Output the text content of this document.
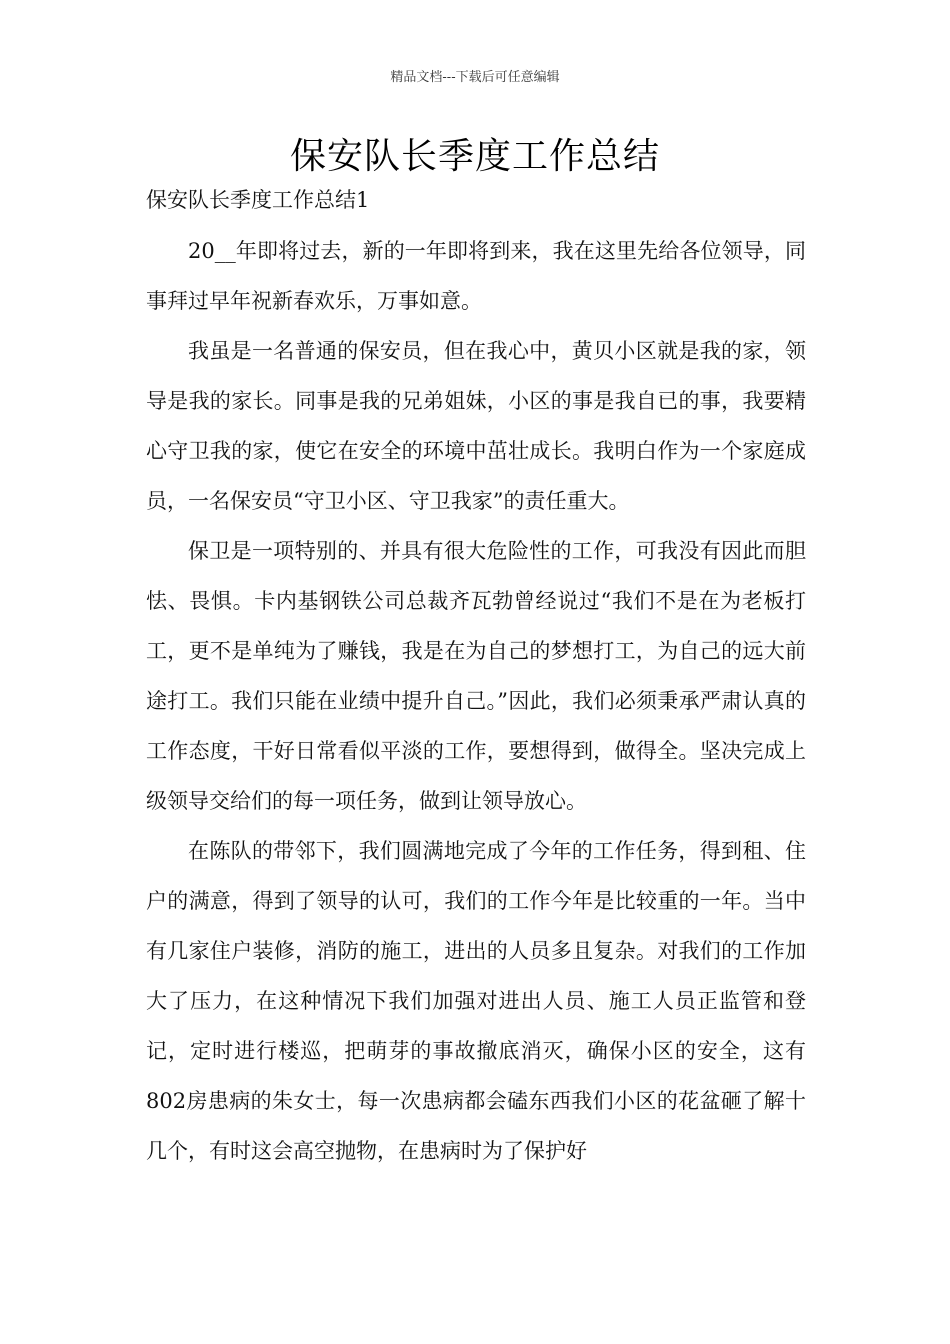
精品文档---下载后可任意编辑
保安队长季度工作总结
保安队长季度工作总结1

20__年即将过去，新的一年即将到来，我在这里先给各位领导，同事拜过早年祝新春欢乐，万事如意。

我虽是一名普通的保安员，但在我心中，黄贝小区就是我的家，领导是我的家长。同事是我的兄弟姐妹，小区的事是我自已的事，我要精心守卫我的家，使它在安全的环境中茁壮成长。我明白作为一个家庭成员，一名保安员“守卫小区、守卫我家”的责任重大。

保卫是一项特别的、并具有很大危险性的工作，可我没有因此而胆怯、畏惧。卡内基钢铁公司总裁齐瓦勃曾经说过“我们不是在为老板打工，更不是单纯为了赚钱，我是在为自己的梦想打工，为自己的远大前途打工。我们只能在业绩中提升自己。”因此，我们必须秉承严肃认真的工作态度，干好日常看似平淡的工作，要想得到，做得全。坚决完成上级领导交给们的每一项任务，做到让领导放心。

在陈队的带邻下，我们圆满地完成了今年的工作任务，得到租、住户的满意，得到了领导的认可，我们的工作今年是比较重的一年。当中有几家住户装修，消防的施工，进出的人员多且复杂。对我们的工作加大了压力，在这种情况下我们加强对进出人员、施工人员正监管和登记，定时进行楼巡，把萌芽的事故撤底消灭，确保小区的安全，这有802房患病的朱女士，每一次患病都会磕东西我们小区的花盆砸了解十几个，有时这会高空抛物，在患病时为了保护好
